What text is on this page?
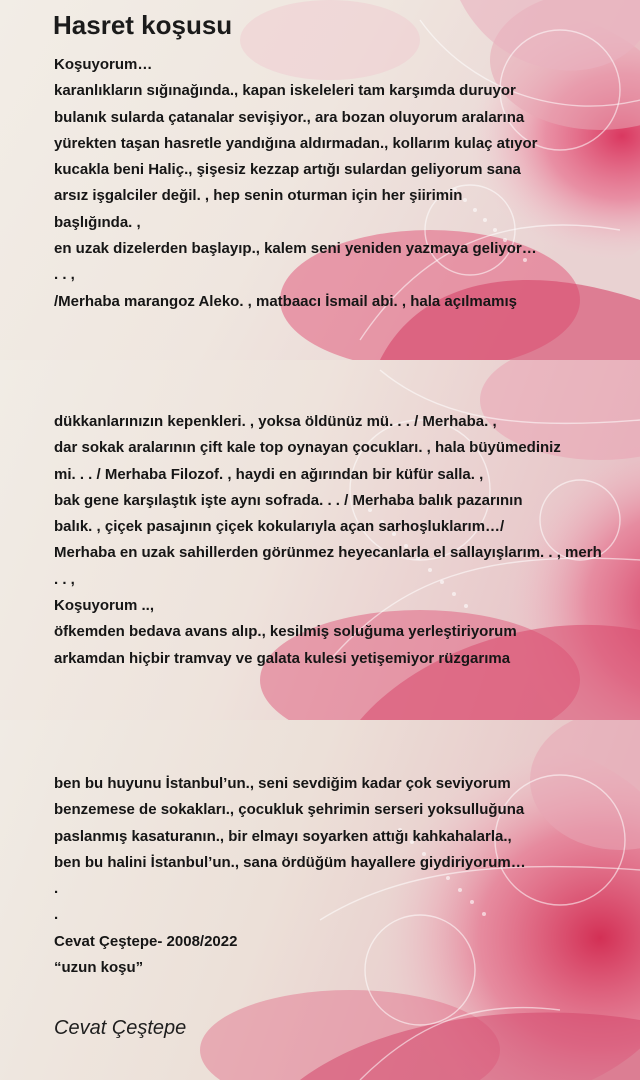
Hasret koşusu
Koşuyorum…
karanlıkların sığınağında., kapan iskeleleri tam karşımda duruyor
bulanık sularda çatanalar sevişiyor., ara bozan oluyorum aralarına
yürekten taşan hasretle yandığına aldırmadan., kollarım kulaç atıyor
kucakla beni Haliç., şişesiz kezzap artığı sulardan geliyorum sana
arsız işgalciler değil. , hep senin oturman için her şiirimin
başlığında. ,
en uzak dizelerden başlayıp., kalem seni yeniden yazmaya geliyor…
. . ,
/Merhaba marangoz Aleko. , matbaacı İsmail abi. , hala açılmamış
dükkanlarınızın kepenkleri. , yoksa öldünüz mü. . . / Merhaba. ,
dar sokak aralarının çift kale top oynayan çocukları. , hala büyümediniz
mi. . . / Merhaba Filozof. , haydi en ağırından bir küfür salla. ,
bak gene karşılaştık işte aynı sofrada. . . / Merhaba balık pazarının
balık. , çiçek pasajının çiçek kokularıyla açan sarhoşluklarım…/
Merhaba en uzak sahillerden görünmez heyecanlarla el sallayışlarım. . , merh
. . ,
Koşuyorum ..,
öfkemden bedava avans alıp., kesilmiş soluğuma yerleştiriyorum
arkamdan hiçbir tramvay ve galata kulesi yetişemiyor rüzgarıma
ben bu huyunu İstanbul’un., seni sevdiğim kadar çok seviyorum
benzemese de sokakları., çocukluk şehrimin serseri yoksulluğuna
paslanmış kasaturanın., bir elmayı soyarken attığı kahkahalarla.,
ben bu halini İstanbul’un., sana ördüğüm hayallere giydiriyorum…
.
.
Cevat Çeştepe- 2008/2022
“uzun koşu”
Cevat Çeştepe
